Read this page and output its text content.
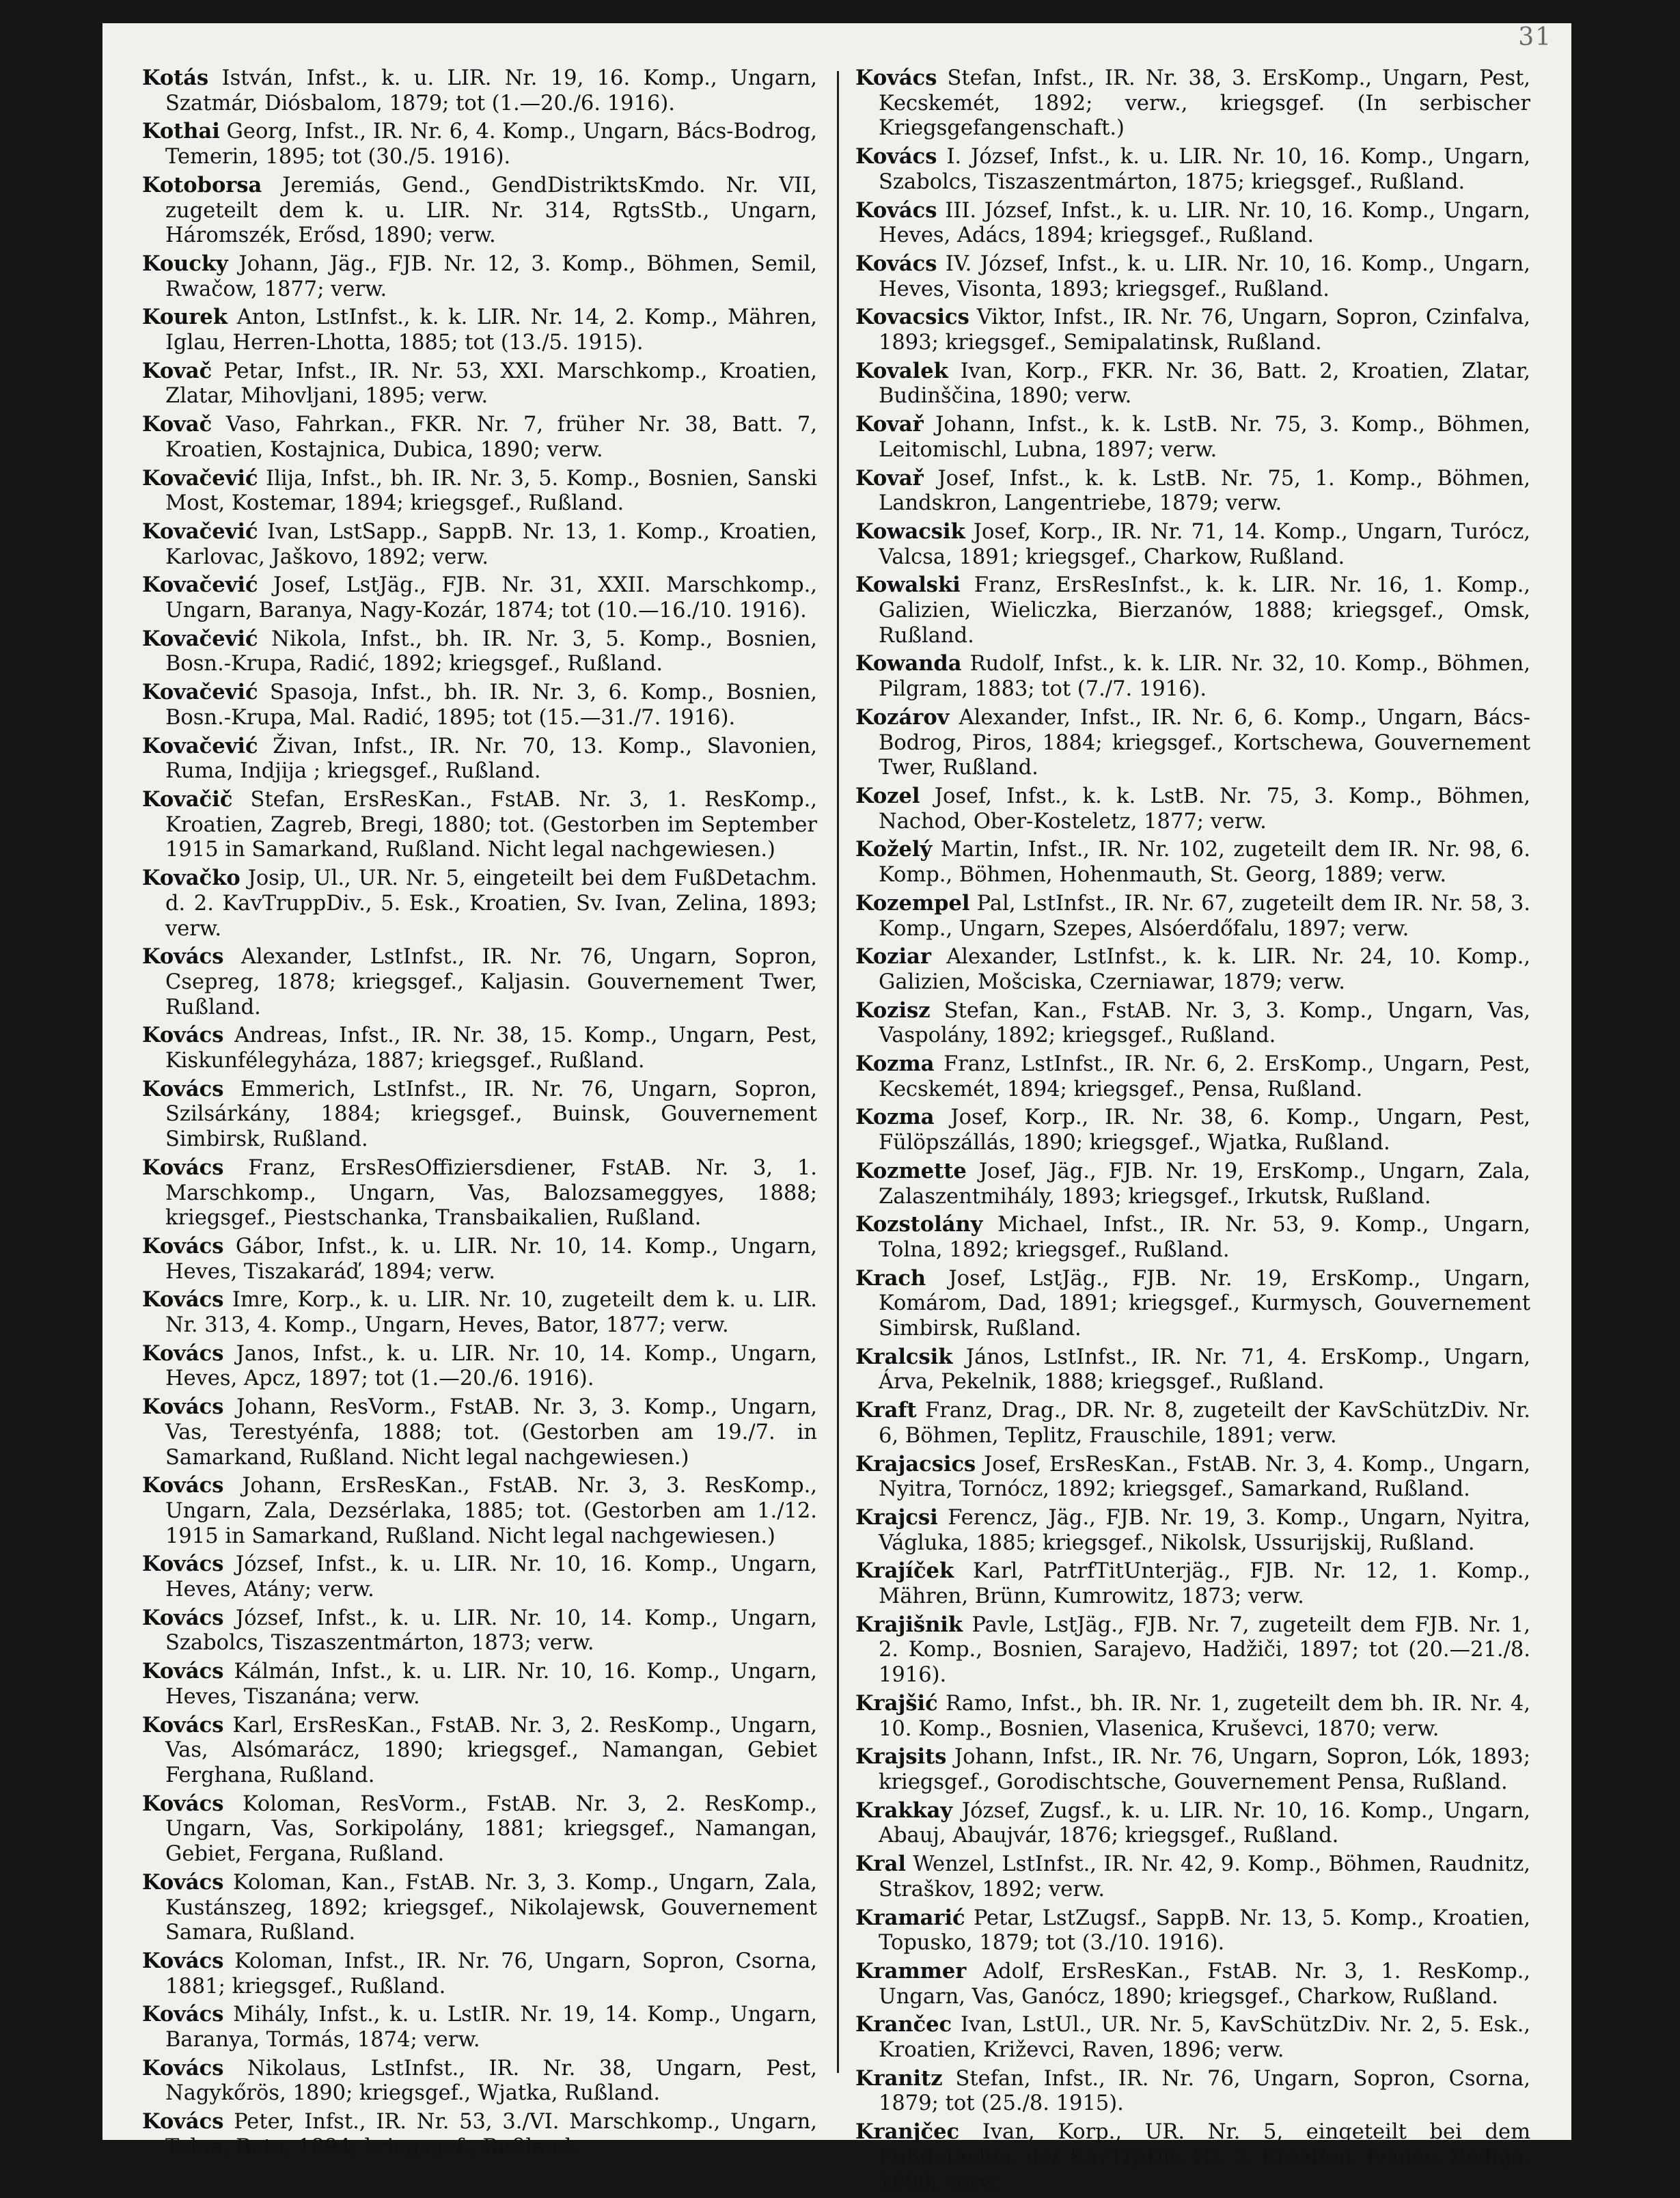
31

Kotás István, Infst., k. u. LIR. Nr. 19, 16. Komp., Ungarn, Szatmár, Diósbalom, 1879; tot (1.—20./6. 1916).

Kothai Georg, Infst., IR. Nr. 6, 4. Komp., Ungarn, Bács-Bodrog, Temerin, 1895; tot (30./5. 1916).

Kotoborsa Jeremiás, Gend., GendDistriktsKmdo. Nr. VII, zugeteilt dem k. u. LIR. Nr. 314, RgtsStb., Ungarn, Háromszék, Erősd, 1890; verw.

Koucky Johann, Jäg., FJB. Nr. 12, 3. Komp., Böhmen, Semil, Rwačow, 1877; verw.

Kourek Anton, LstInfst., k. k. LIR. Nr. 14, 2. Komp., Mähren, Iglau, Herren-Lhotta, 1885; tot (13./5. 1915).

Kovač Petar, Infst., IR. Nr. 53, XXI. Marschkomp., Kroatien, Zlatar, Mihovljani, 1895; verw.

Kovač Vaso, Fahrkan., FKR. Nr. 7, früher Nr. 38, Batt. 7, Kroatien, Kostajnica, Dubica, 1890; verw.

Kovačević Ilija, Infst., bh. IR. Nr. 3, 5. Komp., Bosnien, Sanski Most, Kostemar, 1894; kriegsgef., Rußland.

Kovačević Ivan, LstSapp., SappB. Nr. 13, 1. Komp., Kroatien, Karlovac, Jaškovo, 1892; verw.

Kovačević Josef, LstJäg., FJB. Nr. 31, XXII. Marschkomp., Ungarn, Baranya, Nagy-Kozár, 1874; tot (10.—16./10. 1916).

Kovačević Nikola, Infst., bh. IR. Nr. 3, 5. Komp., Bosnien, Bosn.-Krupa, Radić, 1892; kriegsgef., Rußland.

Kovačević Spasoja, Infst., bh. IR. Nr. 3, 6. Komp., Bosnien, Bosn.-Krupa, Mal. Radić, 1895; tot (15.—31./7. 1916).

Kovačević Živan, Infst., IR. Nr. 70, 13. Komp., Slavonien, Ruma, Indjija ; kriegsgef., Rußland.

Kovačič Stefan, ErsResKan., FstAB. Nr. 3, 1. ResKomp., Kroatien, Zagreb, Bregi, 1880; tot. (Gestorben im September 1915 in Samarkand, Rußland. Nicht legal nachgewiesen.)

Kovačko Josip, Ul., UR. Nr. 5, eingeteilt bei dem FußDetachm. d. 2. KavTruppDiv., 5. Esk., Kroatien, Sv. Ivan, Zelina, 1893; verw.

Kovács Alexander, LstInfst., IR. Nr. 76, Ungarn, Sopron, Csepreg, 1878; kriegsgef., Kaljasin. Gouvernement Twer, Rußland.

Kovács Andreas, Infst., IR. Nr. 38, 15. Komp., Ungarn, Pest, Kiskunfélegyháza, 1887; kriegsgef., Rußland.

Kovács Emmerich, LstInfst., IR. Nr. 76, Ungarn, Sopron, Szilsárkány, 1884; kriegsgef., Buinsk, Gouvernement Simbirsk, Rußland.

Kovács Franz, ErsResOffiziersdiener, FstAB. Nr. 3, 1. Marschkomp., Ungarn, Vas, Balozsameggyes, 1888; kriegsgef., Piestschanka, Transbaikalien, Rußland.

Kovács Gábor, Infst., k. u. LIR. Nr. 10, 14. Komp., Ungarn, Heves, Tiszakaráď, 1894; verw.

Kovács Imre, Korp., k. u. LIR. Nr. 10, zugeteilt dem k. u. LIR. Nr. 313, 4. Komp., Ungarn, Heves, Bator, 1877; verw.

Kovács Janos, Infst., k. u. LIR. Nr. 10, 14. Komp., Ungarn, Heves, Apcz, 1897; tot (1.—20./6. 1916).

Kovács Johann, ResVorm., FstAB. Nr. 3, 3. Komp., Ungarn, Vas, Terestyénfa, 1888; tot. (Gestorben am 19./7. in Samarkand, Rußland. Nicht legal nachgewiesen.)

Kovács Johann, ErsResKan., FstAB. Nr. 3, 3. ResKomp., Ungarn, Zala, Dezsérlaka, 1885; tot. (Gestorben am 1./12. 1915 in Samarkand, Rußland. Nicht legal nachgewiesen.)

Kovács József, Infst., k. u. LIR. Nr. 10, 16. Komp., Ungarn, Heves, Atány; verw.

Kovács József, Infst., k. u. LIR. Nr. 10, 14. Komp., Ungarn, Szabolcs, Tiszaszentmárton, 1873; verw.

Kovács Kálmán, Infst., k. u. LIR. Nr. 10, 16. Komp., Ungarn, Heves, Tiszanána; verw.

Kovács Karl, ErsResKan., FstAB. Nr. 3, 2. ResKomp., Ungarn, Vas, Alsómarácz, 1890; kriegsgef., Namangan, Gebiet Ferghana, Rußland.

Kovács Koloman, ResVorm., FstAB. Nr. 3, 2. ResKomp., Ungarn, Vas, Sorkipolány, 1881; kriegsgef., Namangan, Gebiet, Fergana, Rußland.

Kovács Koloman, Kan., FstAB. Nr. 3, 3. Komp., Ungarn, Zala, Kustánszeg, 1892; kriegsgef., Nikolajewsk, Gouvernement Samara, Rußland.

Kovács Koloman, Infst., IR. Nr. 76, Ungarn, Sopron, Csorna, 1881; kriegsgef., Rußland.

Kovács Mihály, Infst., k. u. LstIR. Nr. 19, 14. Komp., Ungarn, Baranya, Tormás, 1874; verw.

Kovács Nikolaus, LstInfst., IR. Nr. 38, Ungarn, Pest, Nagykőrös, 1890; kriegsgef., Wjatka, Rußland.

Kovács Peter, Infst., IR. Nr. 53, 3./VI. Marschkomp., Ungarn, Tolna, Bato, 1894; kriegsgef., Rußland.

Kovács Stefan, Infst., IR. Nr. 38, 3. ErsKomp., Ungarn, Pest, Kecskemét, 1892; verw., kriegsgef. (In serbischer Kriegsgefangenschaft.)

Kovács I. József, Infst., k. u. LIR. Nr. 10, 16. Komp., Ungarn, Szabolcs, Tiszaszentmárton, 1875; kriegsgef., Rußland.

Kovács III. József, Infst., k. u. LIR. Nr. 10, 16. Komp., Ungarn, Heves, Adács, 1894; kriegsgef., Rußland.

Kovács IV. József, Infst., k. u. LIR. Nr. 10, 16. Komp., Ungarn, Heves, Visonta, 1893; kriegsgef., Rußland.

Kovacsics Viktor, Infst., IR. Nr. 76, Ungarn, Sopron, Czinfalva, 1893; kriegsgef., Semipalatinsk, Rußland.

Kovalek Ivan, Korp., FKR. Nr. 36, Batt. 2, Kroatien, Zlatar, Budinščina, 1890; verw.

Kovař Johann, Infst., k. k. LstB. Nr. 75, 3. Komp., Böhmen, Leitomischl, Lubna, 1897; verw.

Kovař Josef, Infst., k. k. LstB. Nr. 75, 1. Komp., Böhmen, Landskron, Langentriebe, 1879; verw.

Kowacsik Josef, Korp., IR. Nr. 71, 14. Komp., Ungarn, Turócz, Valcsa, 1891; kriegsgef., Charkow, Rußland.

Kowalski Franz, ErsResInfst., k. k. LIR. Nr. 16, 1. Komp., Galizien, Wieliczka, Bierzanów, 1888; kriegsgef., Omsk, Rußland.

Kowanda Rudolf, Infst., k. k. LIR. Nr. 32, 10. Komp., Böhmen, Pilgram, 1883; tot (7./7. 1916).

Kozárov Alexander, Infst., IR. Nr. 6, 6. Komp., Ungarn, Bács-Bodrog, Piros, 1884; kriegsgef., Kortschewa, Gouvernement Twer, Rußland.

Kozel Josef, Infst., k. k. LstB. Nr. 75, 3. Komp., Böhmen, Nachod, Ober-Kosteletz, 1877; verw.

Koželý Martin, Infst., IR. Nr. 102, zugeteilt dem IR. Nr. 98, 6. Komp., Böhmen, Hohenmauth, St. Georg, 1889; verw.

Kozempel Pal, LstInfst., IR. Nr. 67, zugeteilt dem IR. Nr. 58, 3. Komp., Ungarn, Szepes, Alsóerdőfalu, 1897; verw.

Koziar Alexander, LstInfst., k. k. LIR. Nr. 24, 10. Komp., Galizien, Mošciska, Czerniawar, 1879; verw.

Kozisz Stefan, Kan., FstAB. Nr. 3, 3. Komp., Ungarn, Vas, Vaspolány, 1892; kriegsgef., Rußland.

Kozma Franz, LstInfst., IR. Nr. 6, 2. ErsKomp., Ungarn, Pest, Kecskemét, 1894; kriegsgef., Pensa, Rußland.

Kozma Josef, Korp., IR. Nr. 38, 6. Komp., Ungarn, Pest, Fülöpszállás, 1890; kriegsgef., Wjatka, Rußland.

Kozmette Josef, Jäg., FJB. Nr. 19, ErsKomp., Ungarn, Zala, Zalaszentmihály, 1893; kriegsgef., Irkutsk, Rußland.

Kozstolány Michael, Infst., IR. Nr. 53, 9. Komp., Ungarn, Tolna, 1892; kriegsgef., Rußland.

Krach Josef, LstJäg., FJB. Nr. 19, ErsKomp., Ungarn, Komárom, Dad, 1891; kriegsgef., Kurmysch, Gouvernement Simbirsk, Rußland.

Kralcsik János, LstInfst., IR. Nr. 71, 4. ErsKomp., Ungarn, Árva, Pekelnik, 1888; kriegsgef., Rußland.

Kraft Franz, Drag., DR. Nr. 8, zugeteilt der KavSchützDiv. Nr. 6, Böhmen, Teplitz, Frauschile, 1891; verw.

Krajacsics Josef, ErsResKan., FstAB. Nr. 3, 4. Komp., Ungarn, Nyitra, Tornócz, 1892; kriegsgef., Samarkand, Rußland.

Krajcsi Ferencz, Jäg., FJB. Nr. 19, 3. Komp., Ungarn, Nyitra, Vágluka, 1885; kriegsgef., Nikolsk, Ussurijskij, Rußland.

Krajíček Karl, PatrfTitUnterjäg., FJB. Nr. 12, 1. Komp., Mähren, Brünn, Kumrowitz, 1873; verw.

Krajišnik Pavle, LstJäg., FJB. Nr. 7, zugeteilt dem FJB. Nr. 1, 2. Komp., Bosnien, Sarajevo, Hadžiči, 1897; tot (20.—21./8. 1916).

Krajšić Ramo, Infst., bh. IR. Nr. 1, zugeteilt dem bh. IR. Nr. 4, 10. Komp., Bosnien, Vlasenica, Kruševci, 1870; verw.

Krajsits Johann, Infst., IR. Nr. 76, Ungarn, Sopron, Lók, 1893; kriegsgef., Gorodischtsche, Gouvernement Pensa, Rußland.

Krakkay József, Zugsf., k. u. LIR. Nr. 10, 16. Komp., Ungarn, Abauj, Abaujvár, 1876; kriegsgef., Rußland.

Kral Wenzel, LstInfst., IR. Nr. 42, 9. Komp., Böhmen, Raudnitz, Straškov, 1892; verw.

Kramarić Petar, LstZugsf., SappB. Nr. 13, 5. Komp., Kroatien, Topusko, 1879; tot (3./10. 1916).

Krammer Adolf, ErsResKan., FstAB. Nr. 3, 1. ResKomp., Ungarn, Vas, Ganócz, 1890; kriegsgef., Charkow, Rußland.

Krančec Ivan, LstUl., UR. Nr. 5, KavSchützDiv. Nr. 2, 5. Esk., Kroatien, Križevci, Raven, 1896; verw.

Kranitz Stefan, Infst., IR. Nr. 76, Ungarn, Sopron, Csorna, 1879; tot (25./8. 1915).

Kranjčec Ivan, Korp., UR. Nr. 5, eingeteilt bei dem Fußdetachm. der KavTrpDiv. Nr. 2, Kroatien, Ivanec, Bednja, 1890; verw.
